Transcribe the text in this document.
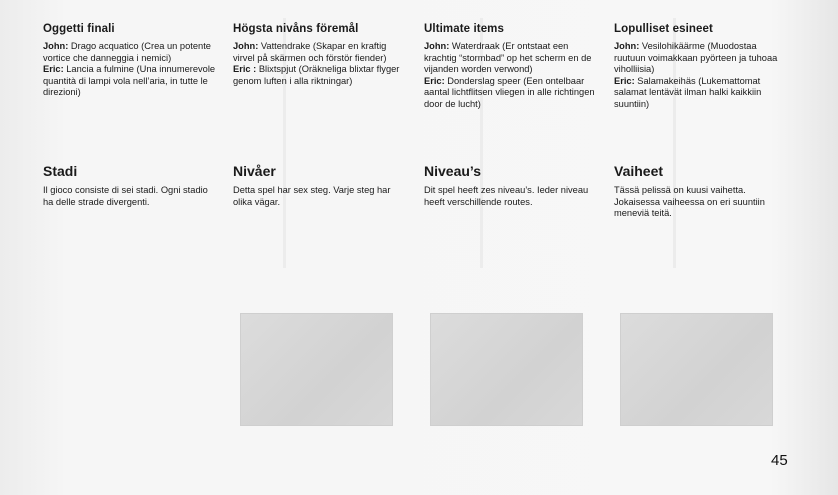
Oggetti finali

John: Drago acquatico (Crea un potente vortice che danneggia i nemici)

Eric: Lancia a fulmine (Una innumerevole quantità di lampi vola nell’aria, in tutte le direzioni)

Stadi

Il gioco consiste di sei stadi. Ogni stadio ha delle strade divergenti.

Högsta nivåns föremål

John: Vattendrake (Skapar en kraftig virvel på skärmen och förstör fiender)

Eric : Blixtspjut (Oräkneliga blixtar flyger genom luften i alla riktningar)

Nivåer

Detta spel har sex steg. Varje steg har olika vägar.

Ultimate items

John: Waterdraak (Er ontstaat een krachtig “stormbad” op het scherm en de vijanden worden verwond)

Eric: Donderslag speer (Een ontelbaar aantal lichtflitsen vliegen in alle richtingen door de lucht)

Niveau’s

Dit spel heeft zes niveau’s. Ieder niveau heeft verschillende routes.

Lopulliset esineet

John: Vesilohikäärme (Muodostaa ruutuun voimakkaan pyörteen ja tuhoaa viholliisia)

Eric: Salamakeihäs (Lukemattomat salamat lentävät ilman halki kaikkiin suuntiin)

Vaiheet

Tässä pelissä on kuusi vaihetta. Jokaisessa vaiheessa on eri suuntiin meneviä teitä.

45
